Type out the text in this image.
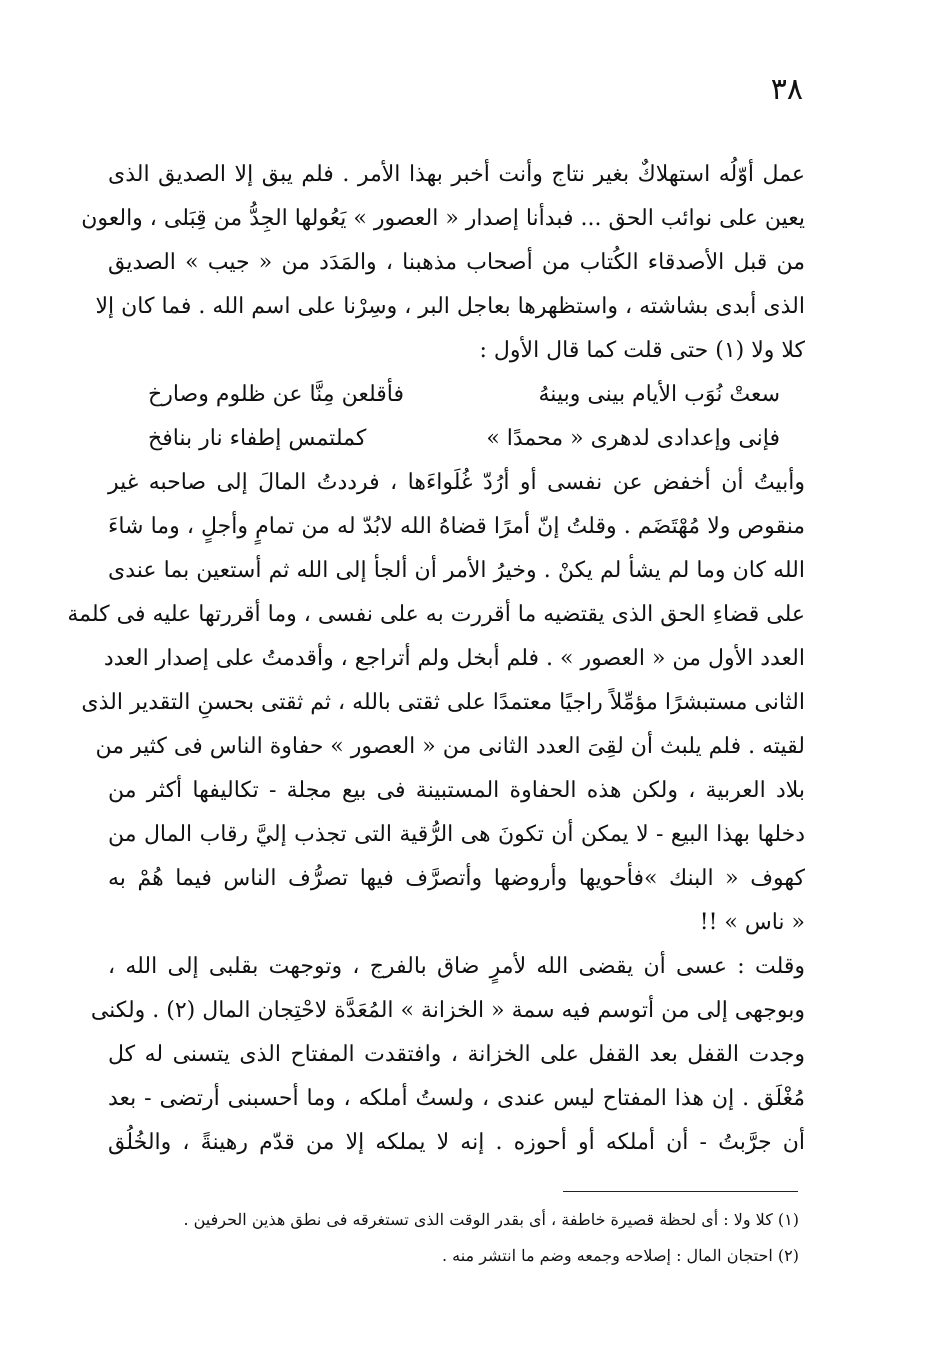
٣٨
عمل أوّلُه استهلاكٌ بغير نتاج وأنت أخبر بهذا الأمر . فلم يبق إلا الصديق الذى
يعين على نوائب الحق ... فبدأنا إصدار « العصور » يَعُولها الجِدُّ من قِبَلى ، والعون
من قبل الأصدقاء الكُتاب من أصحاب مذهبنا ، والمَدَد من « جيب » الصديق
الذى أبدى بشاشته ، واستظهرها بعاجل البر ، وسِرْنا على اسم الله . فما كان إلا
كلا ولا (١) حتى قلت كما قال الأول :
سعتْ نُوَب الأيام بينى وبينهُ
فأقلعن مِنَّا عن ظلوم وصارخ
فإنى وإعدادى لدهرى « محمدًا »
كملتمس إطفاء نار بنافخ
وأبيتُ أن أخفض عن نفسى أو أرُدّ غُلَواءَها ، فرددتُ المالَ إلى صاحبه غير
منقوص ولا مُهْتَضَم . وقلتُ إنّ أمرًا قضاهُ الله لابُدّ له من تمامٍ وأجلٍ ، وما شاءَ
الله كان وما لم يشأ لم يكنْ . وخيرُ الأمر أن ألجأ إلى الله ثم أستعين بما عندى
على قضاءِ الحق الذى يقتضيه ما أقررت به على نفسى ، وما أقررتها عليه فى كلمة
العدد الأول من « العصور » . فلم أبخل ولم أتراجع ، وأقدمتُ على إصدار العدد
الثانى مستبشرًا مؤمِّلاً راجيًا معتمدًا على ثقتى بالله ، ثم ثقتى بحسنِ التقدير الذى
لقيته . فلم يلبث أن لقِىَ العدد الثانى من « العصور » حفاوة الناس فى كثير من
بلاد العربية ، ولكن هذه الحفاوة المستبينة فى بيع مجلة - تكاليفها أكثر من
دخلها بهذا البيع - لا يمكن أن تكونَ هى الرُّقية التى تجذب إليَّ رقاب المال من
كهوف « البنك »فأحويها وأروضها وأتصرَّف فيها تصرُّف الناس فيما هُمْ به
« ناس » !!
وقلت : عسى أن يقضى الله لأمرٍ ضاق بالفرج ، وتوجهت بقلبى إلى الله ،
وبوجهى إلى من أتوسم فيه سمة « الخزانة » المُعَدَّة لاحْتِجان المال (٢) . ولكنى
وجدت القفل بعد القفل على الخزانة ، وافتقدت المفتاح الذى يتسنى له كل
مُغْلَق . إن هذا المفتاح ليس عندى ، ولستُ أملكه ، وما أحسبنى أرتضى - بعد
أن جرَّبتُ - أن أملكه أو أحوزه . إنه لا يملكه إلا من قدّم رهينةً ، والخُلُق
(١) كلا ولا : أى لحظة قصيرة خاطفة ، أى بقدر الوقت الذى تستغرقه فى نطق هذين الحرفين .
(٢) احتجان المال : إصلاحه وجمعه وضم ما انتشر منه .
